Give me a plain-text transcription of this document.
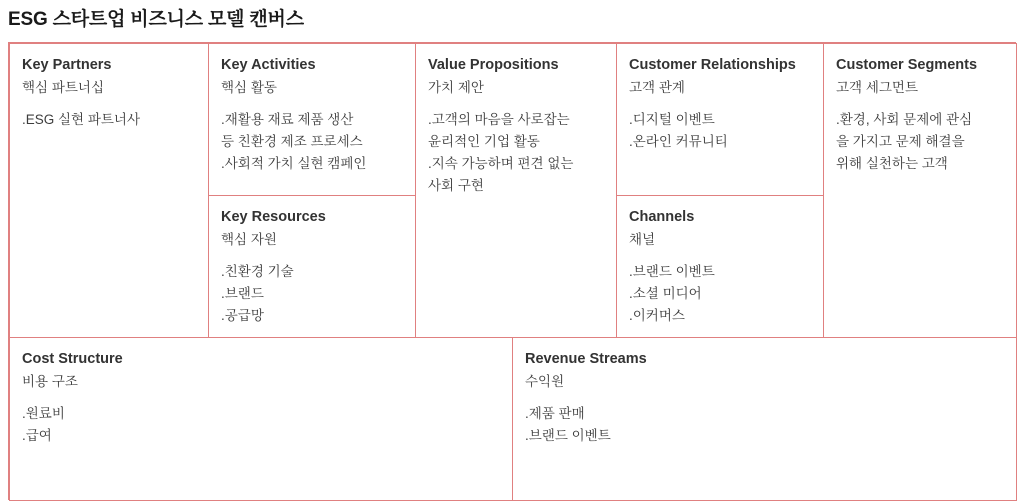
ESG 스타트업 비즈니스 모델 캔버스
Key Partners
핵심 파트너십
.ESG 실현 파트너사
Key Activities
핵심 활동
.재활용 재료 제품 생산
등 친환경 제조 프로세스
.사회적 가치 실현 캠페인
Key Resources
핵심 자원
.친환경 기술
.브랜드
.공급망
Value Propositions
가치 제안
.고객의 마음을 사로잡는
윤리적인 기업 활동
.지속 가능하며 편견 없는
사회 구현
Customer Relationships
고객 관계
.디지털 이벤트
.온라인 커뮤니티
Channels
채널
.브랜드 이벤트
.소셜 미디어
.이커머스
Customer Segments
고객 세그먼트
.환경, 사회 문제에 관심
을 가지고 문제 해결을
위해 실천하는 고객
Cost Structure
비용 구조
.원료비
.급여
Revenue Streams
수익원
.제품 판매
.브랜드 이벤트
